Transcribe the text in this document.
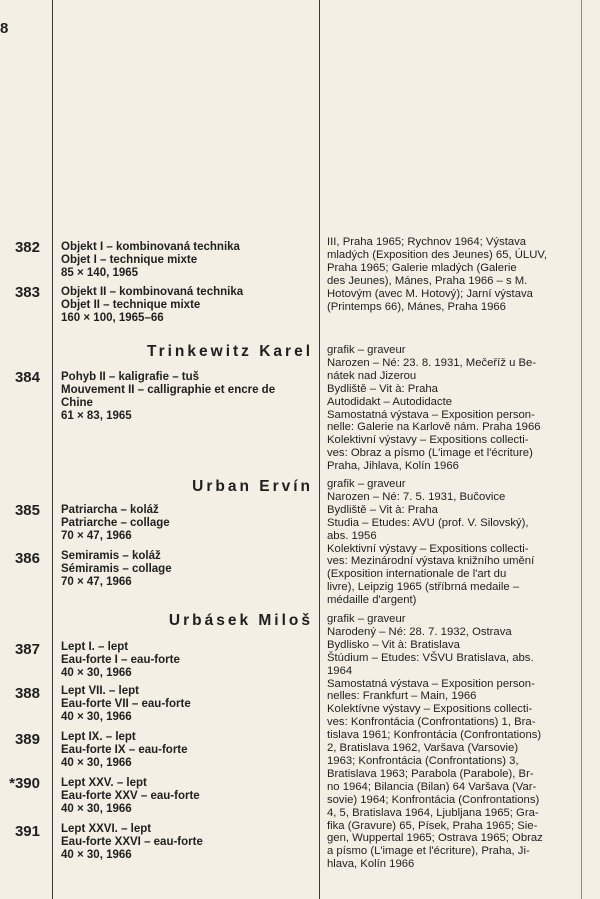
8
III, Praha 1965; Rychnov 1964; Výstava
mladých (Exposition des Jeunes) 65, ÚLUV,
Praha 1965; Galerie mladých (Galerie
des Jeunes), Mánes, Praha 1966 – s M.
Hotovým (avec M. Hotový); Jarní výstava
(Printemps 66), Mánes, Praha 1966
382 Objekt I – kombinovaná technika
Objet I – technique mixte
85 × 140, 1965
383 Objekt II – kombinovaná technika
Objet II – technique mixte
160 × 100, 1965–66
Trinkewitz Karel grafik – graveur
Narozen – Né: 23. 8. 1931, Mečeříž u Be-
nátek nad Jizerou
Bydliště – Vit à: Praha
Autodidakt – Autodidacte
Samostatná výstava – Exposition person-
nelle: Galerie na Karlově nám. Praha 1966
Kolektivní výstavy – Expositions collecti-
ves: Obraz a písmo (L'image et l'écriture)
Praha, Jihlava, Kolín 1966
384 Pohyb II – kaligrafie – tuš
Mouvement II – calligraphie et encre de
Chine
61 × 83, 1965
Urban Ervín grafik – graveur
Narozen – Né: 7. 5. 1931, Bučovice
Bydliště – Vit à: Praha
Studia – Etudes: AVU (prof. V. Silovský),
abs. 1956
Kolektivní výstavy – Expositions collecti-
ves: Mezinárodní výstava knižního umění
(Exposition internationale de l'art du
livre), Leipzig 1965 (stříbrná medaile –
médaille d'argent)
385 Patriarcha – koláž
Patriarche – collage
70 × 47, 1966
386 Semiramis – koláž
Sémiramis – collage
70 × 47, 1966
Urbásek Miloš grafik – graveur
Narodený – Né: 28. 7. 1932, Ostrava
Bydlisko – Vit à: Bratislava
Štúdium – Etudes: VŠVU Bratislava, abs.
1964
Samostatná výstava – Exposition person-
nelles: Frankfurt – Main, 1966
Kolektívne výstavy – Expositions collecti-
ves: Konfrontácia (Confrontations) 1, Bra-
tislava 1961; Konfrontácia (Confrontations)
2, Bratislava 1962, Varšava (Varsovie)
1963; Konfrontácia (Confrontations) 3,
Bratislava 1963; Parabola (Parabole), Br-
no 1964; Bilancia (Bilan) 64 Varšava (Var-
sovie) 1964; Konfrontácia (Confrontations)
4, 5, Bratislava 1964, Ljubljana 1965; Gra-
fika (Gravure) 65, Písek, Praha 1965; Sie-
gen, Wuppertal 1965; Ostrava 1965; Obraz
a písmo (L'image et l'écriture), Praha, Ji-
hlava, Kolín 1966
387 Lept I. – lept
Eau-forte I – eau-forte
40 × 30, 1966
388 Lept VII. – lept
Eau-forte VII – eau-forte
40 × 30, 1966
389 Lept IX. – lept
Eau-forte IX – eau-forte
40 × 30, 1966
*390 Lept XXV. – lept
Eau-forte XXV – eau-forte
40 × 30, 1966
391 Lept XXVI. – lept
Eau-forte XXVI – eau-forte
40 × 30, 1966
